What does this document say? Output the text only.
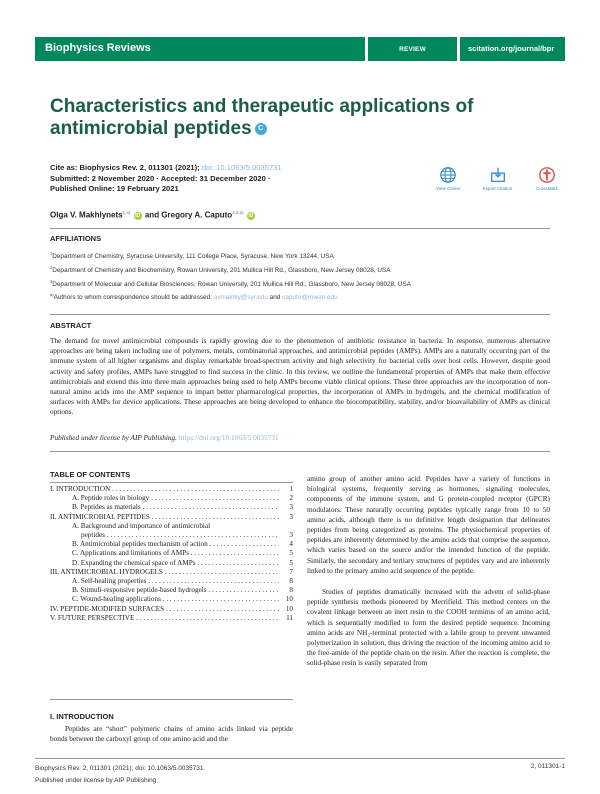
Biophysics Reviews	REVIEW	scitation.org/journal/bpr
Characteristics and therapeutic applications of antimicrobial peptides C
Cite as: Biophysics Rev. 2, 011301 (2021); doi: 10.1063/5.0035731
Submitted: 2 November 2020 · Accepted: 31 December 2020 ·
Published Online: 19 February 2021	View Online	Export Citation	CrossMark
Olga V. Makhlynets$^{1,a)}$ iD and Gregory A. Caputo$^{2,3,a)}$ iD
AFFILIATIONS
$^1$Department of Chemistry, Syracuse University, 111 College Place, Syracuse, New York 13244, USA
$^2$Department of Chemistry and Biochemistry, Rowan University, 201 Mullica Hill Rd., Glassboro, New Jersey 08028, USA
$^3$Department of Molecular and Cellular Biosciences, Rowan University, 201 Mullica Hill Rd., Glassboro, New Jersey 08028, USA
$^{a)}$Authors to whom correspondence should be addressed: ovmakhly@syr.edu and caputo@rowan.edu
ABSTRACT
The demand for novel antimicrobial compounds is rapidly growing due to the phenomenon of antibiotic resistance in bacteria. In response, numerous alternative approaches are being taken including use of polymers, metals, combinatorial approaches, and antimicrobial peptides (AMPs). AMPs are a naturally occurring part of the immune system of all higher organisms and display remarkable broad-spectrum activity and high selectivity for bacterial cells over host cells. However, despite good activity and safety profiles, AMPs have struggled to find success in the clinic. In this review, we outline the fundamental properties of AMPs that make them effective antimicrobials and extend this into three main approaches being used to help AMPs become viable clinical options. These three approaches are the incorporation of non-natural amino acids into the AMP sequence to impart better pharmacological properties, the incorporation of AMPs in hydrogels, and the chemical modification of surfaces with AMPs for device applications. These approaches are being developed to enhance the biocompatibility, stability, and/or bioavailability of AMPs as clinical options.
Published under license by AIP Publishing. https://doi.org/10.1063/5.0035731
TABLE OF CONTENTS
I. INTRODUCTION . . .	1
A. Peptide roles in biology . . .	2
B. Peptides as materials . . .	3
II. ANTIMICROBIAL PEPTIDES . . .	3
A. Background and importance of antimicrobial
peptides . . .	3
B. Antimicrobial peptides mechanism of action . . .	4
C. Applications and limitations of AMPs . . .	5
D. Expanding the chemical space of AMPs . . .	5
III. ANTIMICROBIAL HYDROGELS . . .	7
A. Self-healing properties . . .	8
B. Stimuli-responsive peptide-based hydrogels . . .	8
C. Wound-healing applications . . .	10
IV. PEPTIDE-MODIFIED SURFACES . . .	10
V. FUTURE PERSPECTIVE . . .	11
I. INTRODUCTION
Peptides are “short” polymeric chains of amino acids linked via peptide bonds between the carboxyl group of one amino acid and the

amino group of another amino acid. Peptides have a variety of functions in biological systems, frequently serving as hormones, signaling molecules, components of the immune system, and G protein-coupled receptor (GPCR) modulators. These naturally occurring peptides typically range from 10 to 50 amino acids, although there is no definitive length designation that delineates peptides from being categorized as proteins. The physiochemical properties of peptides are inherently determined by the amino acids that comprise the sequence, which varies based on the source and/or the intended function of the peptide. Similarly, the secondary and tertiary structures of peptides vary and are inherently linked to the primary amino acid sequence of the peptide.

Studies of peptides dramatically increased with the advent of solid-phase peptide synthesis methods pioneered by Merrifield. This method centers on the covalent linkage between an inert resin to the COOH terminus of an amino acid, which is sequentially modified to form the desired peptide sequence. Incoming amino acids are NH₂-terminal protected with a labile group to prevent unwanted polymerization in solution, thus driving the reaction of the incoming amino acid to the free-amide of the peptide chain on the resin. After the reaction is complete, the solid-phase resin is easily separated from

Biophysics Rev. 2, 011301 (2021); doi: 10.1063/5.0035731
Published under license by AIP Publishing
2, 011301-1
